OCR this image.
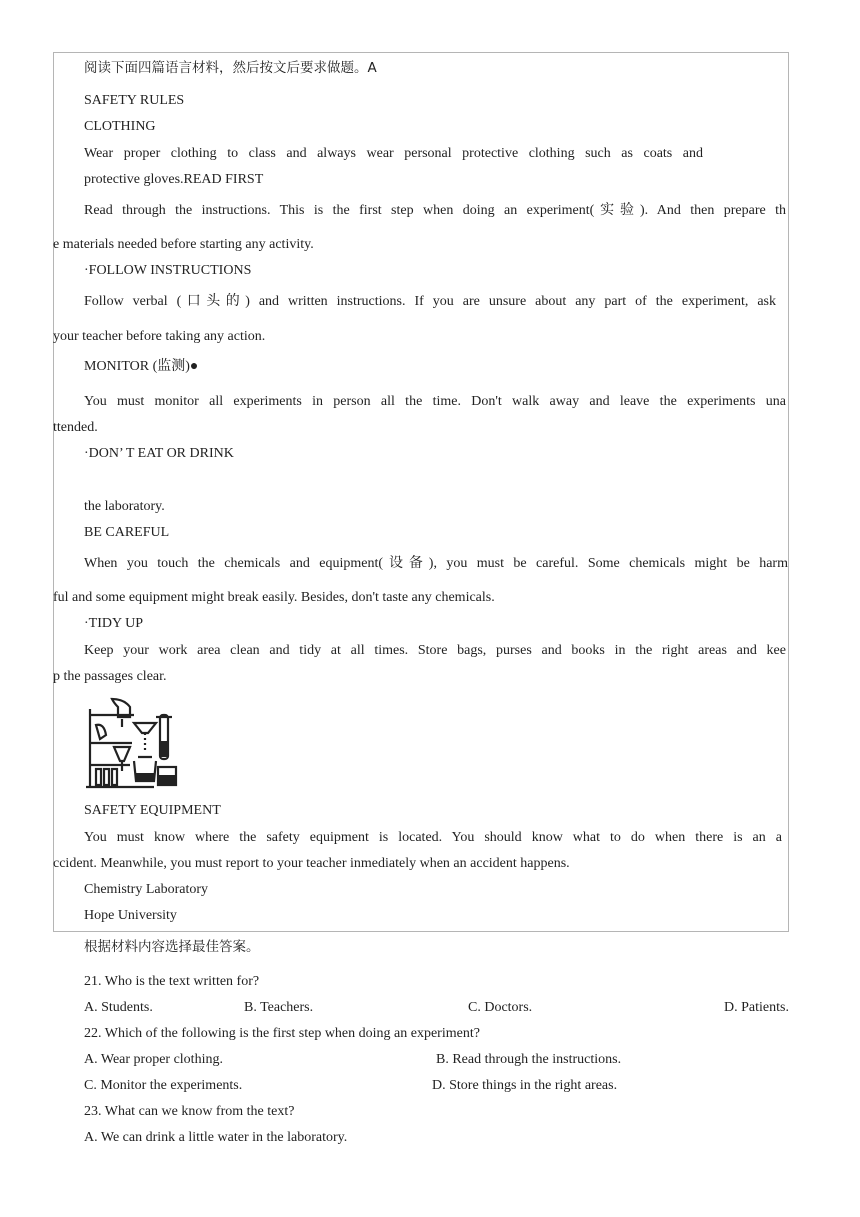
阅读下面四篇语言材料，然后按文后要求做题。A
SAFETY RULES
CLOTHING
Wear proper clothing to class and always wear personal protective clothing such as coats and
protective gloves.READ FIRST
Read through the instructions. This is the first step when doing an experiment(实验). And then prepare th
e materials needed before starting any activity.
·FOLLOW INSTRUCTIONS
Follow verbal (口头的) and written instructions. If you are unsure about any part of the experiment, ask
your teacher before taking any action.
MONITOR (监测)●
You must monitor all experiments in person all the time. Don't walk away and leave the experiments una
ttended.
·DON’ T EAT OR DRINK
the laboratory.
BE CAREFUL
When you touch the chemicals and equipment(设备), you must be careful. Some chemicals might be harm
ful and some equipment might break easily. Besides, don't taste any chemicals.
·TIDY UP
Keep your work area clean and tidy at all times. Store bags, purses and books in the right areas and kee
p the passages clear.
SAFETY EQUIPMENT
You must know where the safety equipment is located. You should know what to do when there is an a
ccident. Meanwhile, you must report to your teacher inmediately when an accident happens.
Chemistry Laboratory
Hope University
根据材料内容选择最佳答案。
21. Who is the text written for?
A. Students.	B. Teachers.	C. Doctors.	D. Patients.
22. Which of the following is the first step when doing an experiment?
A. Wear proper clothing.	B. Read through the instructions.
C. Monitor the experiments.	D. Store things in the right areas.
23. What can we know from the text?
A. We can drink a little water in the laboratory.
